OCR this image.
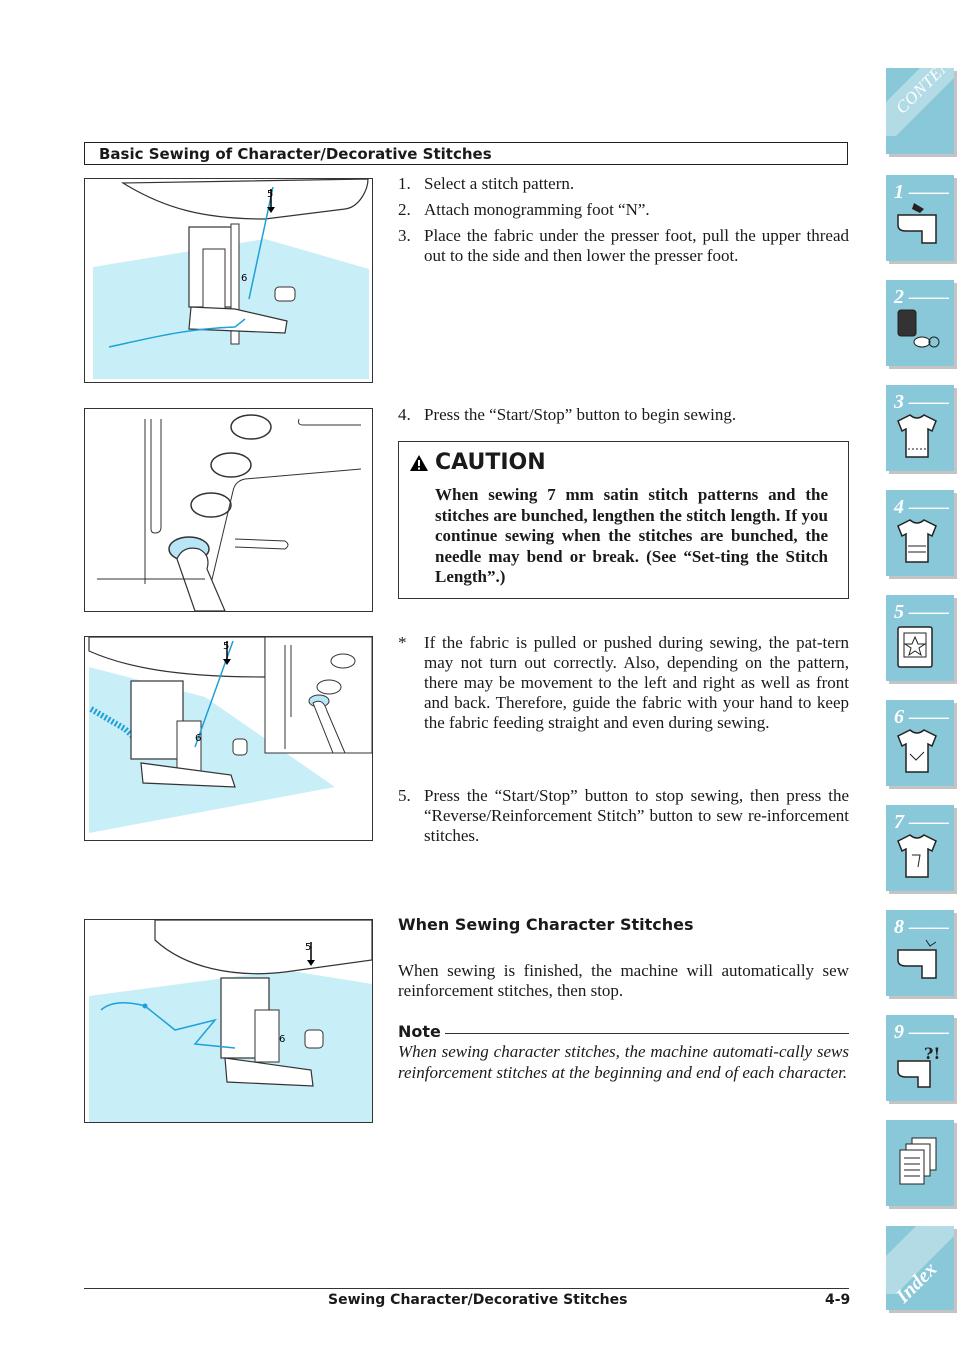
Basic Sewing of Character/Decorative Stitches
5
6
5
6
5
6
1. Select a stitch pattern.
2. Attach monogramming foot “N”.
3. Place the fabric under the presser foot, pull the upper thread out to the side and then lower the presser foot.
4. Press the “Start/Stop” button to begin sewing.
CAUTION
When sewing 7 mm satin stitch patterns and the stitches are bunched, lengthen the stitch length. If you continue sewing when the stitches are bunched, the needle may bend or break. (See “Set-ting the Stitch Length”.)
* If the fabric is pulled or pushed during sewing, the pat-tern may not turn out correctly. Also, depending on the pattern, there may be movement to the left and right as well as front and back. Therefore, guide the fabric with your hand to keep the fabric feeding straight and even during sewing.
5. Press the “Start/Stop” button to stop sewing, then press the “Reverse/Reinforcement Stitch” button to sew re-inforcement stitches.
When Sewing Character Stitches
When sewing is finished, the machine will automatically sew reinforcement stitches, then stop.
Note
When sewing character stitches, the machine automati-cally sews reinforcement stitches at the beginning and end of each character.
CONTENTS
1 ——
2 ——
3 ——
4 ——
5 ——
6 ——
7 ——
8 ——
9 ——
?!
Index
Sewing Character/Decorative Stitches	4-9
